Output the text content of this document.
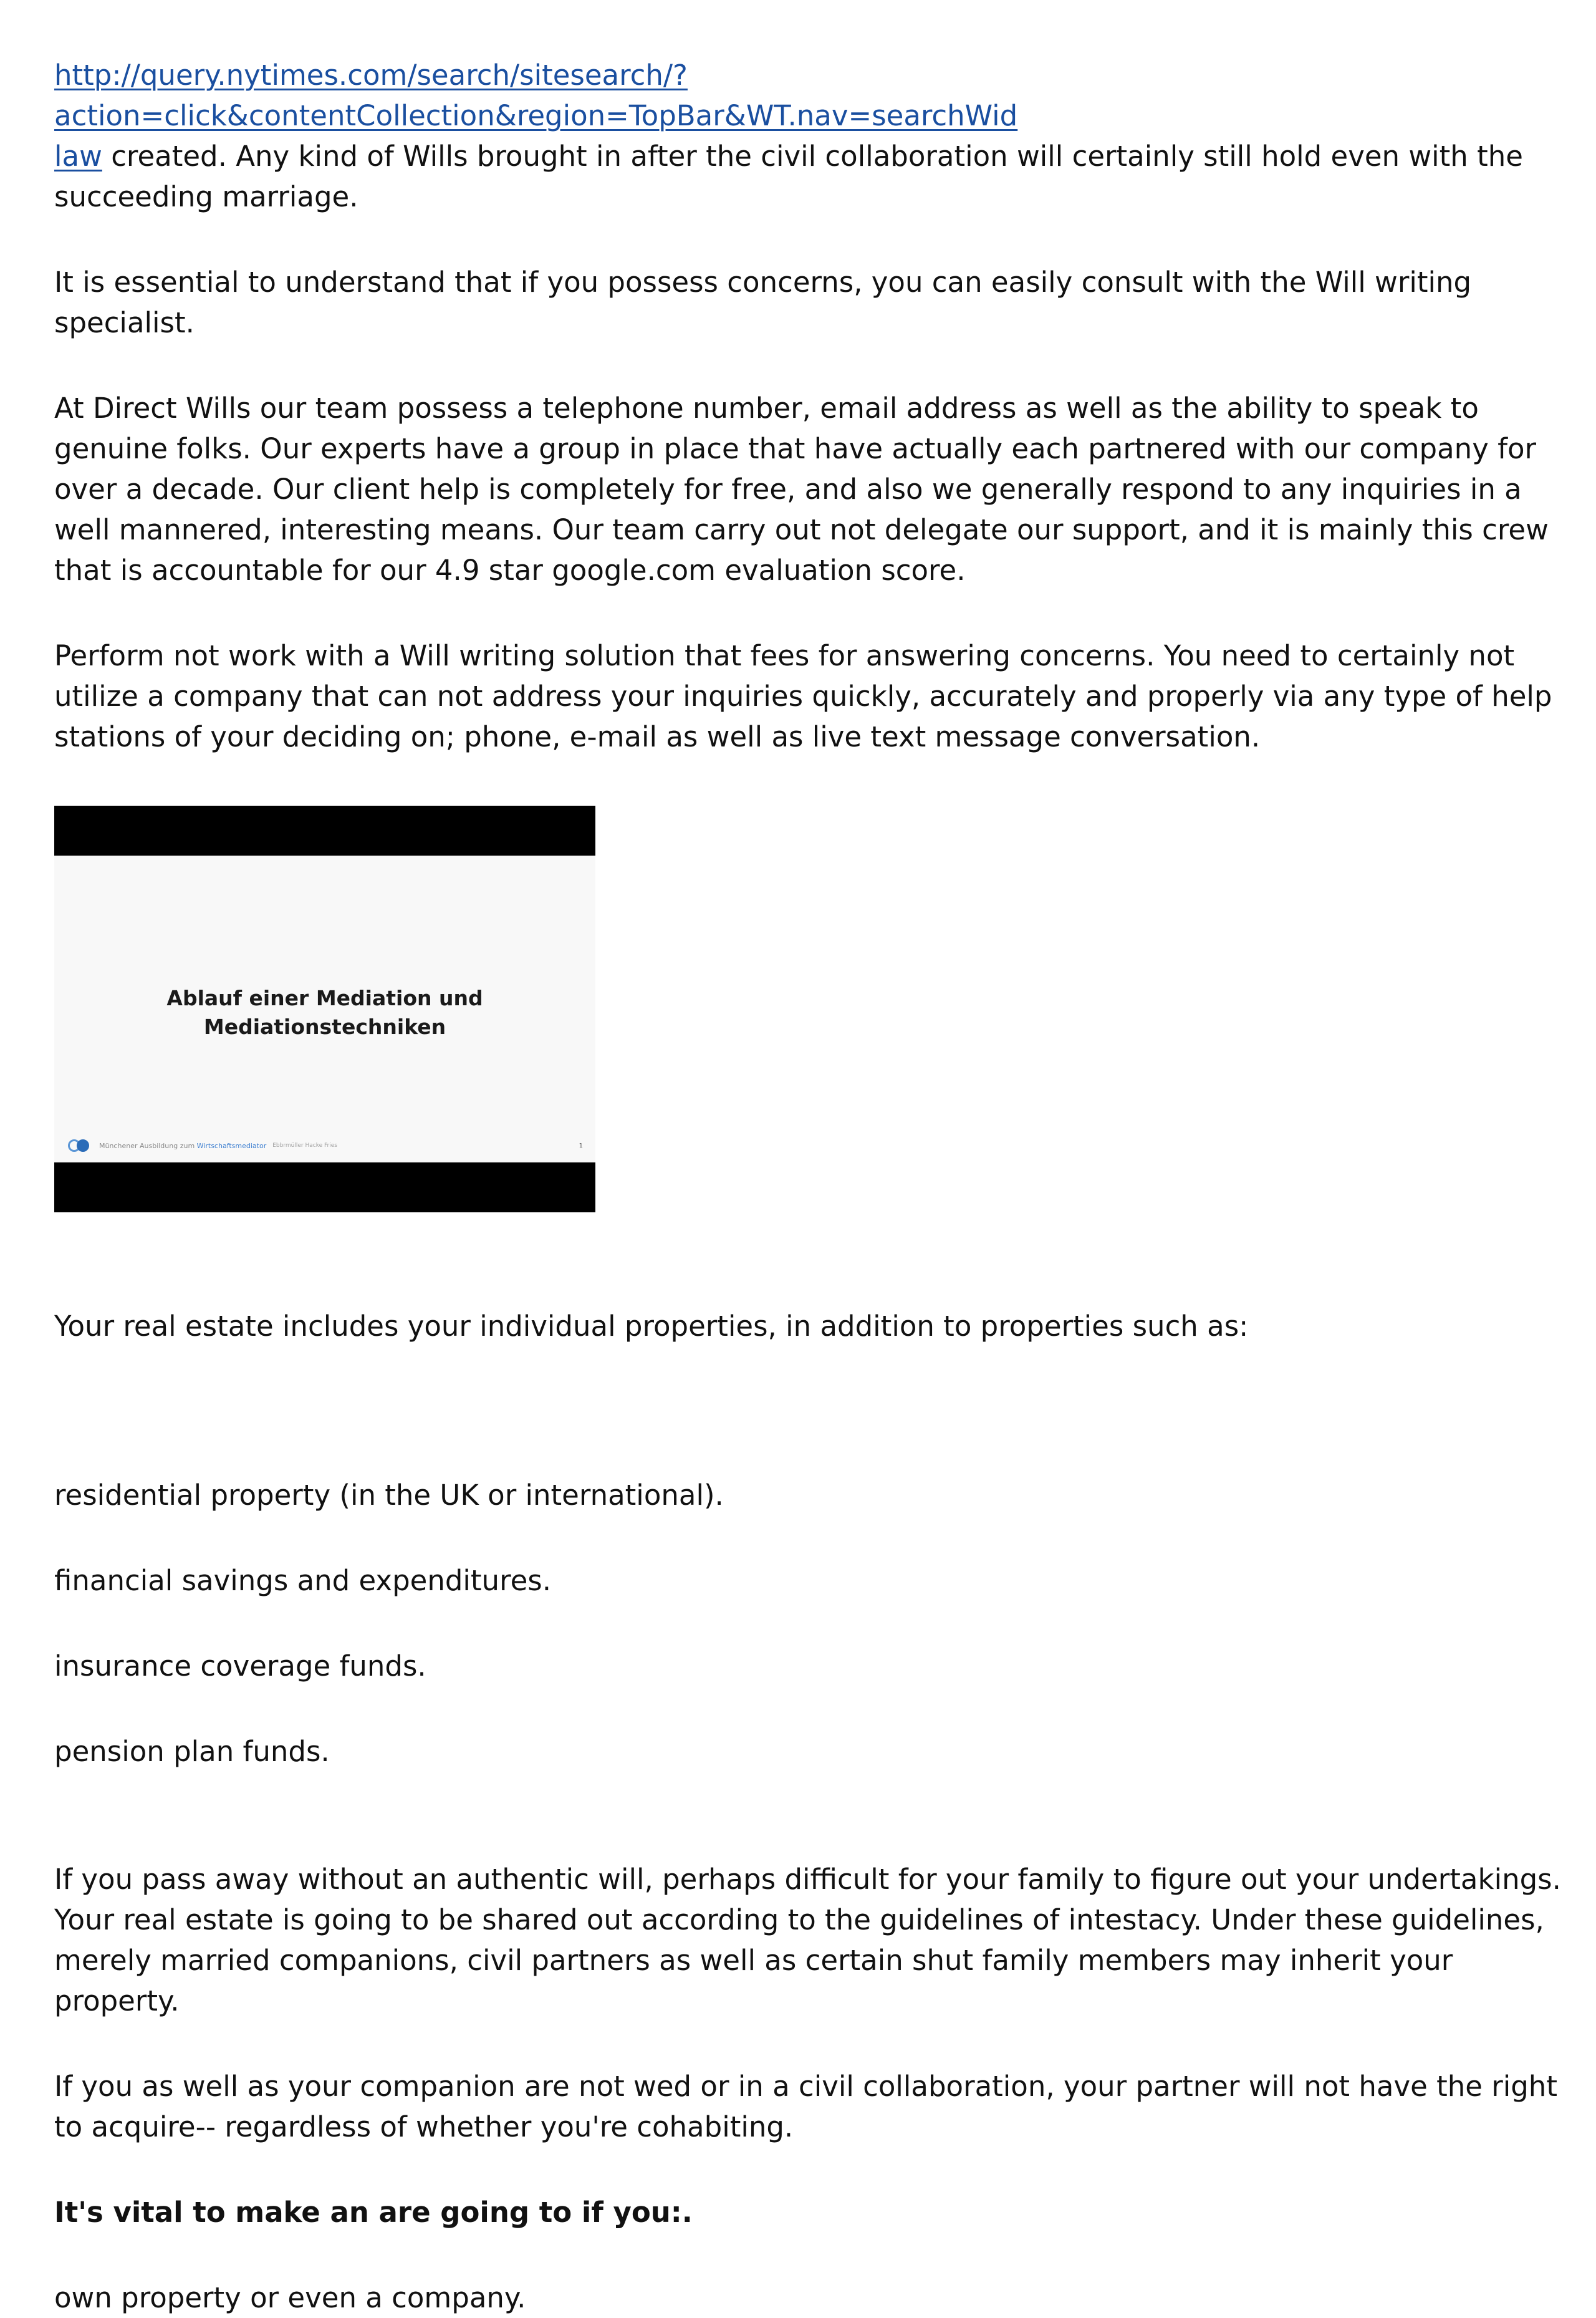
http://query.nytimes.com/search/sitesearch/?action=click&contentCollection&region=TopBar&WT.nav=searchWid
law created. Any kind of Wills brought in after the civil collaboration will certainly still hold even with the succeeding marriage.

It is essential to understand that if you possess concerns, you can easily consult with the Will writing specialist.

At Direct Wills our team possess a telephone number, email address as well as the ability to speak to genuine folks. Our experts have a group in place that have actually each partnered with our company for over a decade. Our client help is completely for free, and also we generally respond to any inquiries in a well mannered, interesting means. Our team carry out not delegate our support, and it is mainly this crew that is accountable for our 4.9 star google.com evaluation score.

Perform not work with a Will writing solution that fees for answering concerns. You need to certainly not utilize a company that can not address your inquiries quickly, accurately and properly via any type of help stations of your deciding on; phone, e-mail as well as live text message conversation.

Ablauf einer Mediation und
Mediationstechniken
Münchener Ausbildung zum
Wirtschaftsmediator Ebbrmüller Hacke Fries	1

Your real estate includes your individual properties, in addition to properties such as:

residential property (in the UK or international).

financial savings and expenditures.

insurance coverage funds.

pension plan funds.

If you pass away without an authentic will, perhaps difficult for your family to figure out your undertakings. Your real estate is going to be shared out according to the guidelines of intestacy. Under these guidelines, merely married companions, civil partners as well as certain shut family members may inherit your property.

If you as well as your companion are not wed or in a civil collaboration, your partner will not have the right to acquire-- regardless of whether you're cohabiting.

It's vital to make an are going to if you:.

own property or even a company.
